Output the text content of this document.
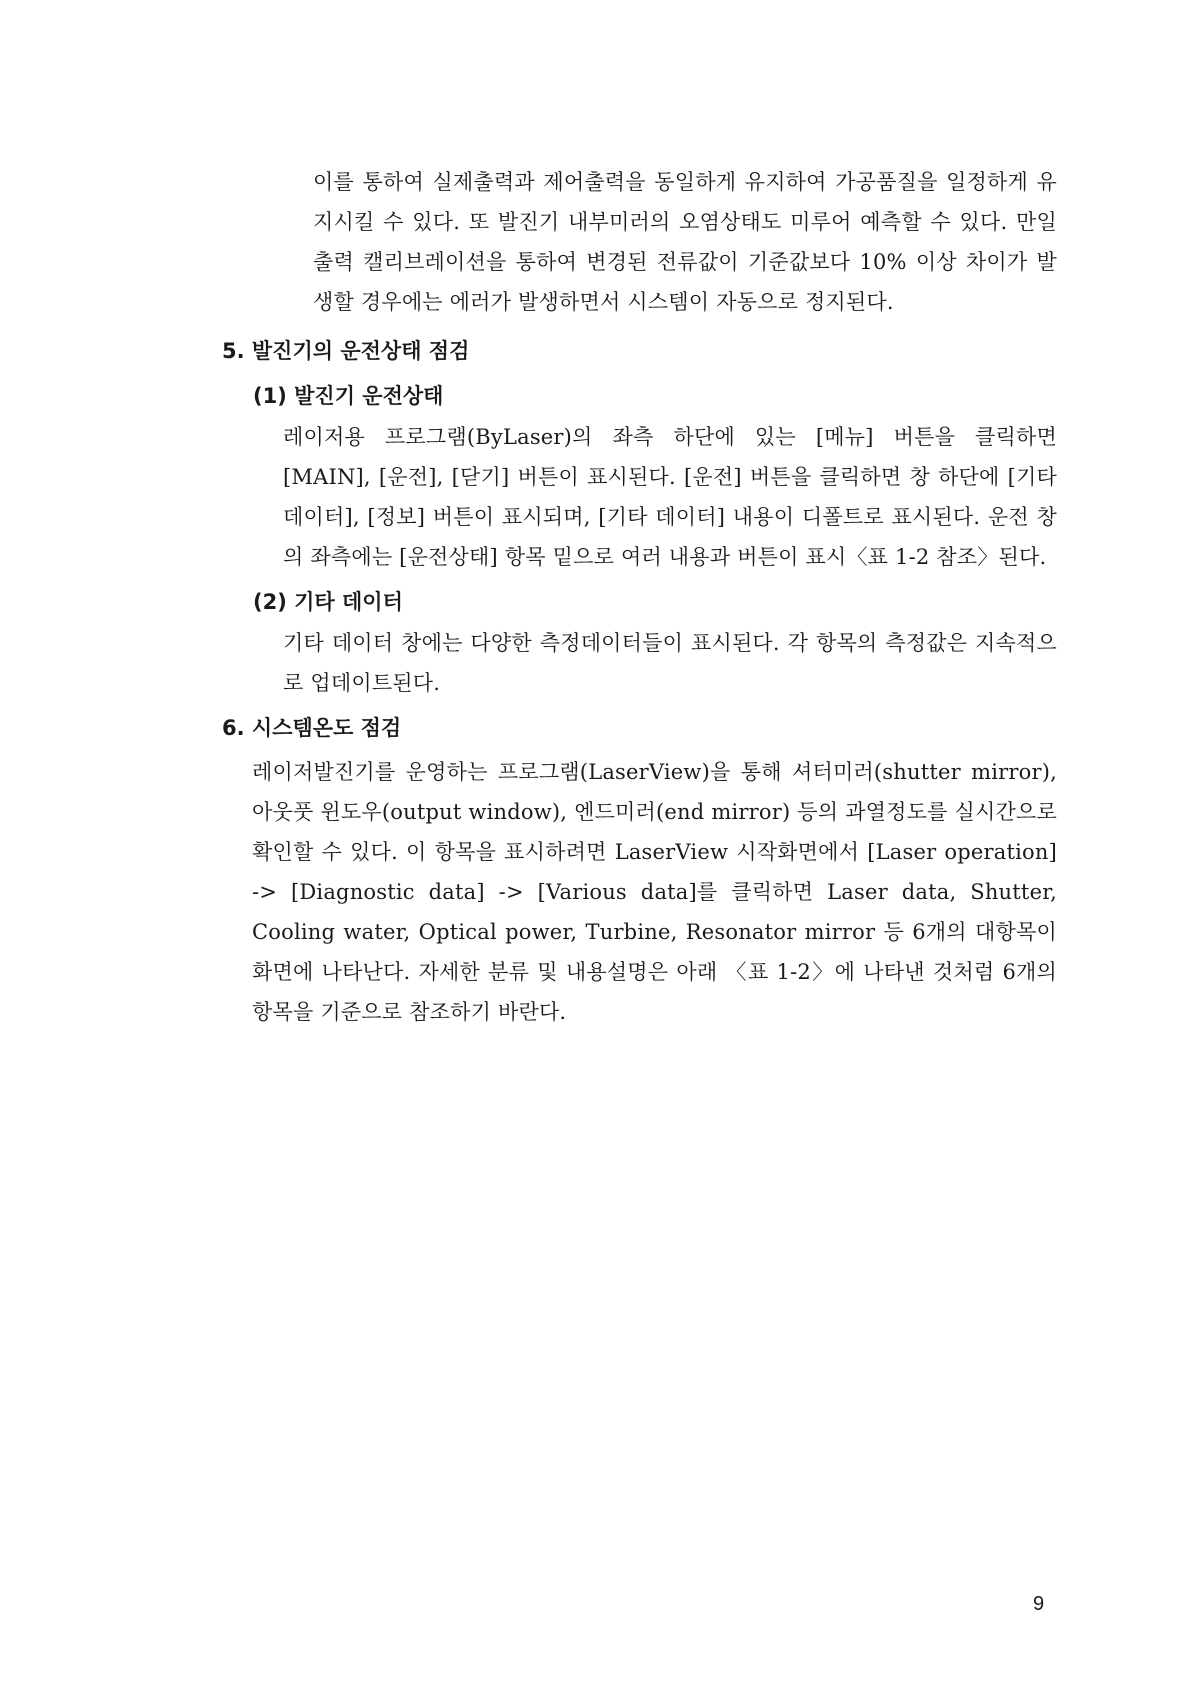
이를 통하여 실제출력과 제어출력을 동일하게 유지하여 가공품질을 일정하게 유지시킬 수 있다. 또 발진기 내부미러의 오염상태도 미루어 예측할 수 있다. 만일 출력 캘리브레이션을 통하여 변경된 전류값이 기준값보다 10% 이상 차이가 발생할 경우에는 에러가 발생하면서 시스템이 자동으로 정지된다.

5. 발진기의 운전상태 점검
(1) 발진기 운전상태

레이저용 프로그램(ByLaser)의 좌측 하단에 있는 [메뉴] 버튼을 클릭하면 [MAIN], [운전], [닫기] 버튼이 표시된다. [운전] 버튼을 클릭하면 창 하단에 [기타 데이터], [정보] 버튼이 표시되며, [기타 데이터] 내용이 디폴트로 표시된다. 운전 창의 좌측에는 [운전상태] 항목 밑으로 여러 내용과 버튼이 표시〈표 1-2 참조〉된다.

(2) 기타 데이터

기타 데이터 창에는 다양한 측정데이터들이 표시된다. 각 항목의 측정값은 지속적으로 업데이트된다.

6. 시스템온도 점검

레이저발진기를 운영하는 프로그램(LaserView)을 통해 셔터미러(shutter mirror), 아웃풋 윈도우(output window), 엔드미러(end mirror) 등의 과열정도를 실시간으로 확인할 수 있다. 이 항목을 표시하려면 LaserView 시작화면에서 [Laser operation] -> [Diagnostic data] -> [Various data]를 클릭하면 Laser data, Shutter, Cooling water, Optical power, Turbine, Resonator mirror 등 6개의 대항목이 화면에 나타난다. 자세한 분류 및 내용설명은 아래 〈표 1-2〉에 나타낸 것처럼 6개의 항목을 기준으로 참조하기 바란다.

9
